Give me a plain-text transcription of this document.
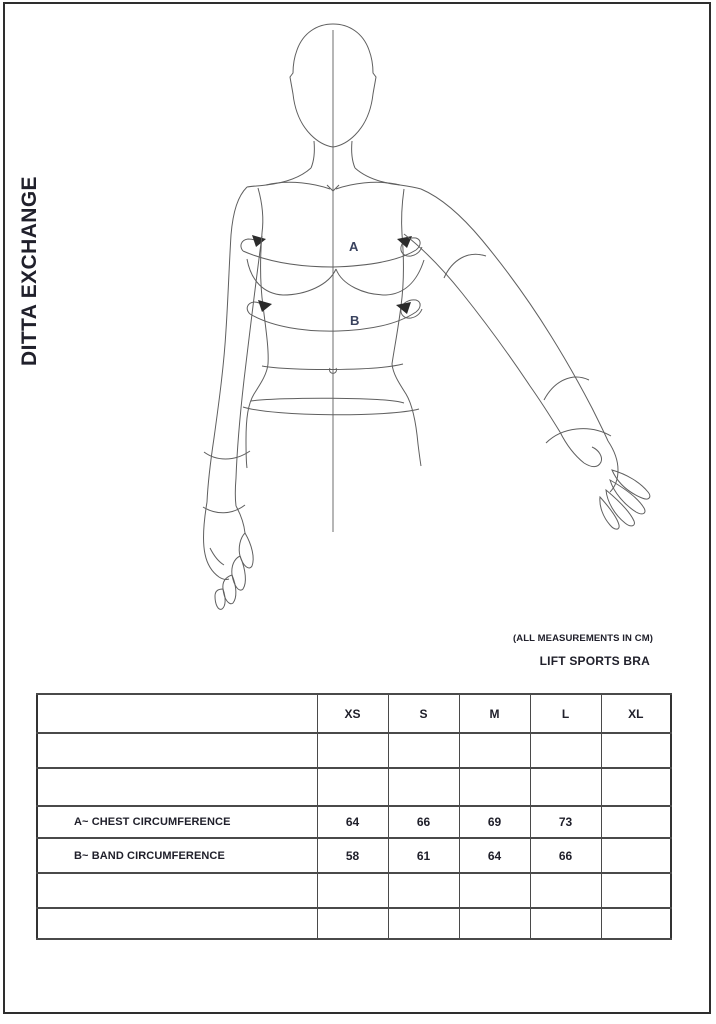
DITTA EXCHANGE	A
B
(ALL MEASUREMENTS IN CM)
LIFT SPORTS BRA
	XS	S	M	L	XL

A~ CHEST CIRCUMFERENCE	64	66	69	73	
B~ BAND CIRCUMFERENCE	58	61	64	66	
